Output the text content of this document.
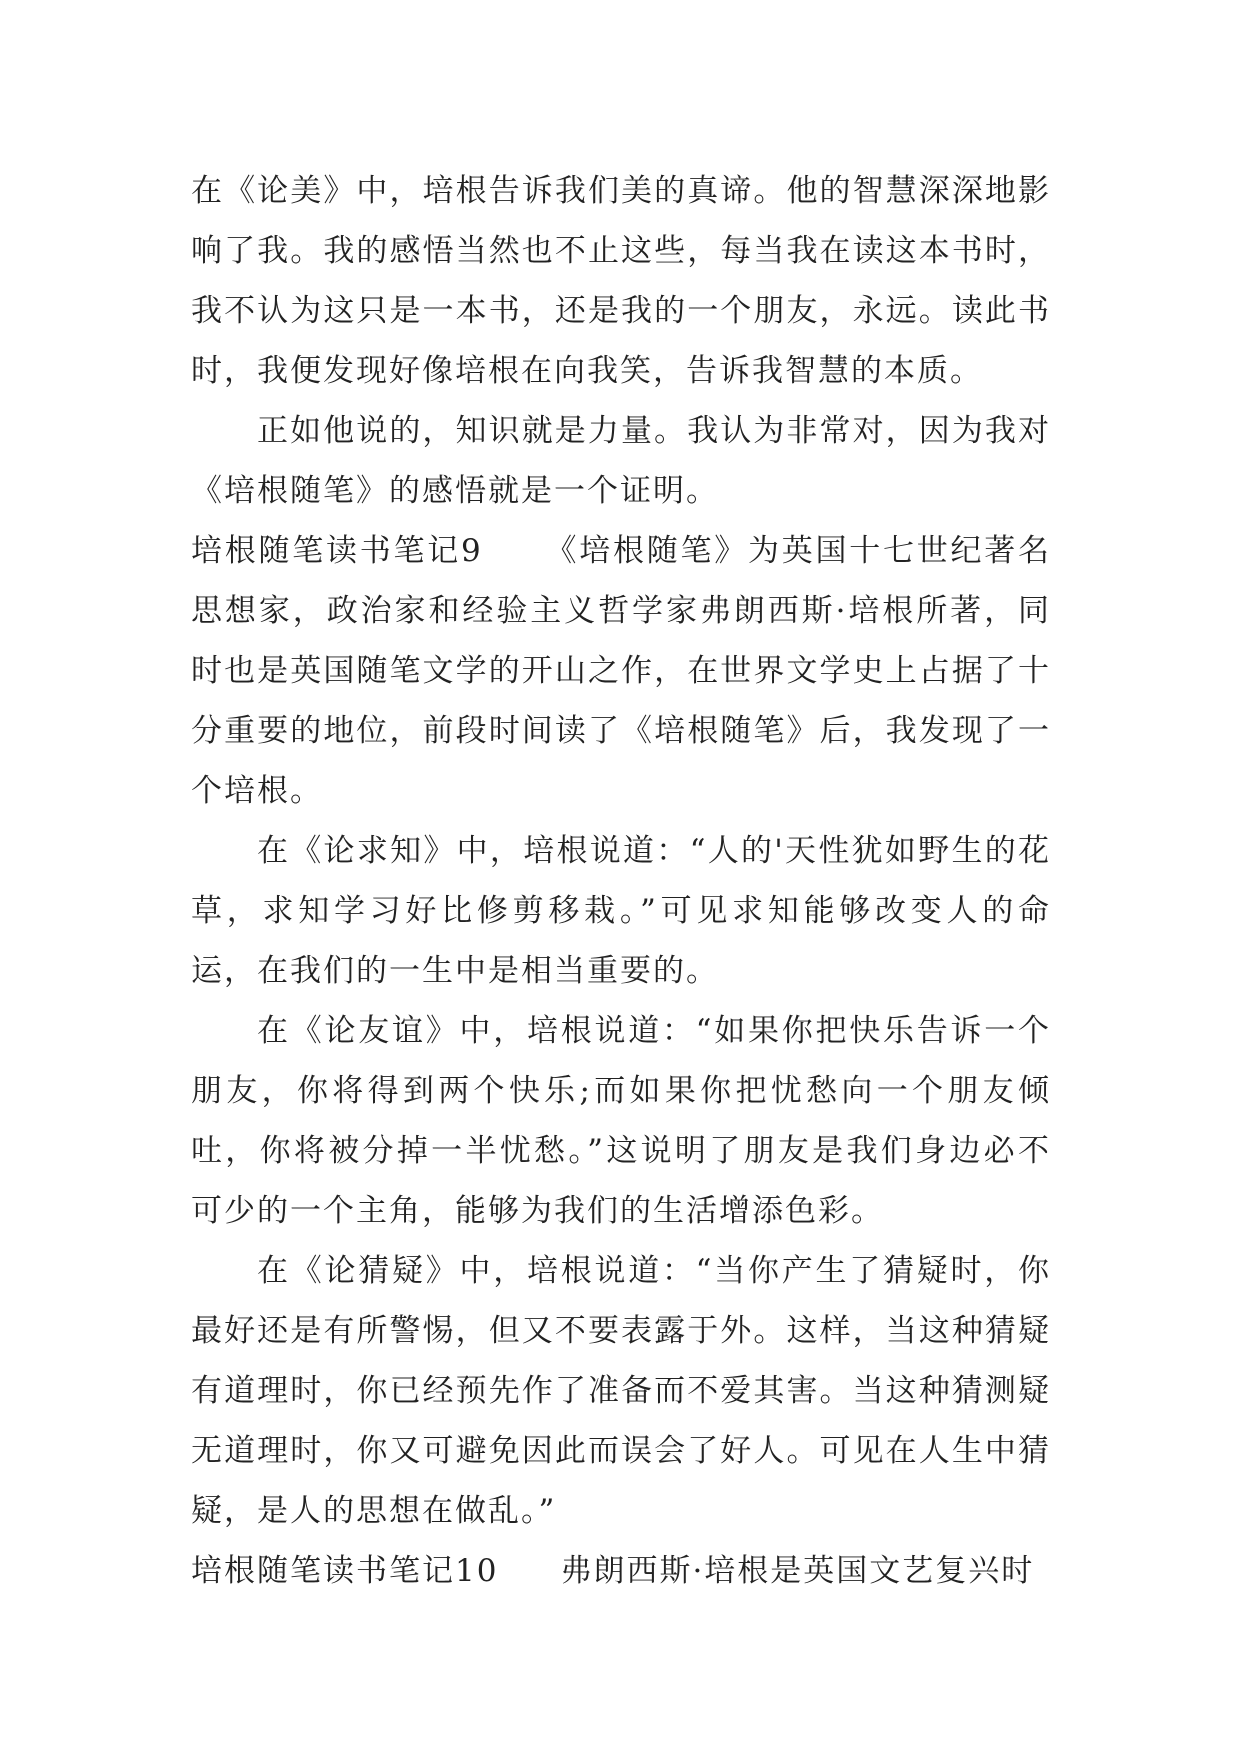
在《论美》中，培根告诉我们美的真谛。他的智慧深深地影响了我。我的感悟当然也不止这些，每当我在读这本书时，我不认为这只是一本书，还是我的一个朋友，永远。读此书时，我便发现好像培根在向我笑，告诉我智慧的本质。

正如他说的，知识就是力量。我认为非常对，因为我对《培根随笔》的感悟就是一个证明。

培根随笔读书笔记9 《培根随笔》为英国十七世纪著名思想家，政治家和经验主义哲学家弗朗西斯·培根所著，同时也是英国随笔文学的开山之作，在世界文学史上占据了十分重要的地位，前段时间读了《培根随笔》后，我发现了一个培根。

在《论求知》中，培根说道：“人的'天性犹如野生的花草，求知学习好比修剪移栽。”可见求知能够改变人的命运，在我们的一生中是相当重要的。

在《论友谊》中，培根说道：“如果你把快乐告诉一个朋友，你将得到两个快乐;而如果你把忧愁向一个朋友倾吐，你将被分掉一半忧愁。”这说明了朋友是我们身边必不可少的一个主角，能够为我们的生活增添色彩。

在《论猜疑》中，培根说道：“当你产生了猜疑时，你最好还是有所警惕，但又不要表露于外。这样，当这种猜疑有道理时，你已经预先作了准备而不爱其害。当这种猜测疑无道理时，你又可避免因此而误会了好人。可见在人生中猜疑，是人的思想在做乱。”

培根随笔读书笔记10 弗朗西斯·培根是英国文艺复兴时
